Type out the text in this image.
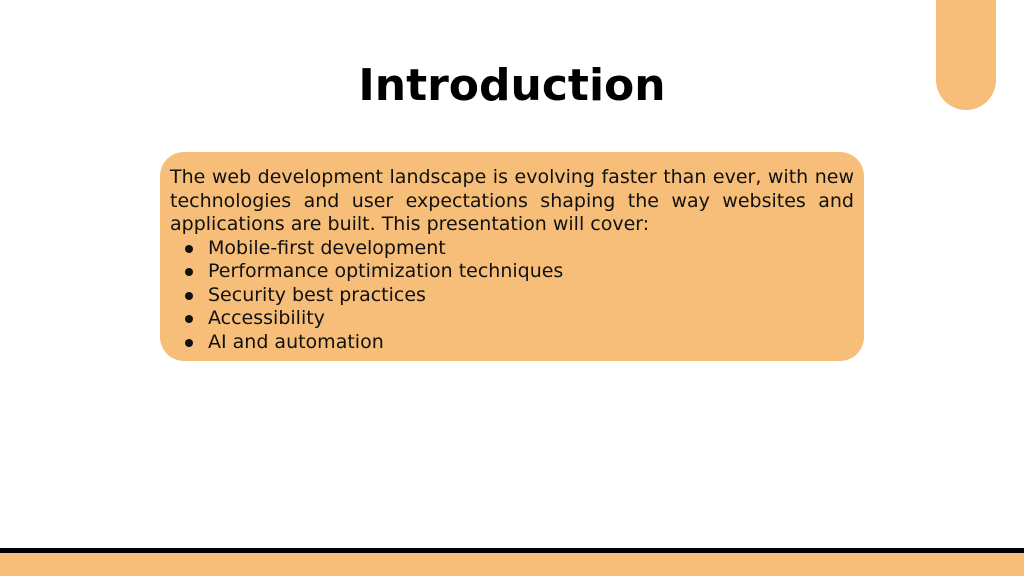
Introduction

The web development landscape is evolving faster than ever, with new technologies and user expectations shaping the way websites and applications are built. This presentation will cover:

Mobile-first development
Performance optimization techniques
Security best practices
Accessibility
AI and automation
